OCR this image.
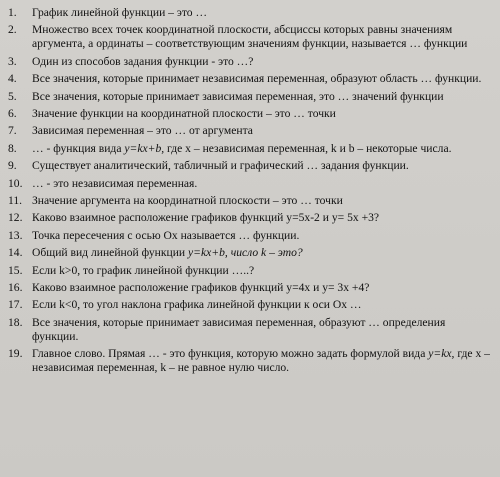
1.	График линейной функции – это …
2.	Множество всех точек координатной плоскости, абсциссы которых равны значениям аргумента, а ординаты – соответствующим значениям функции, называется … функции
3.	Один из способов задания функции - это …?
4.	Все значения, которые принимает независимая переменная, образуют область … функции.
5.	Все значения, которые принимает зависимая переменная, это … значений функции
6.	Значение функции на координатной плоскости – это … точки
7.	Зависимая переменная – это … от аргумента
8.	… - функция вида y=kx+b, где х – независимая переменная, k и b – некоторые числа.
9.	Существует аналитический, табличный и графический … задания функции.
10. … - это независимая переменная.
11. Значение аргумента на координатной плоскости – это … точки
12. Каково взаимное расположение графиков функций у=5х-2 и у= 5х +3?
13. Точка пересечения с осью Ох называется … функции.
14. Общий вид линейной функции y=kx+b, число k – это?
15. Если k>0, то график линейной функции …..?
16. Каково взаимное расположение графиков функций у=4х и у= 3х +4?
17. Если k<0, то угол наклона графика линейной функции к оси Ох …
18. Все значения, которые принимает зависимая переменная, образуют … определения функции.
19. Главное слово. Прямая … - это функция, которую можно задать формулой вида y=kx, где х – независимая переменная, k – не равное нулю число.
